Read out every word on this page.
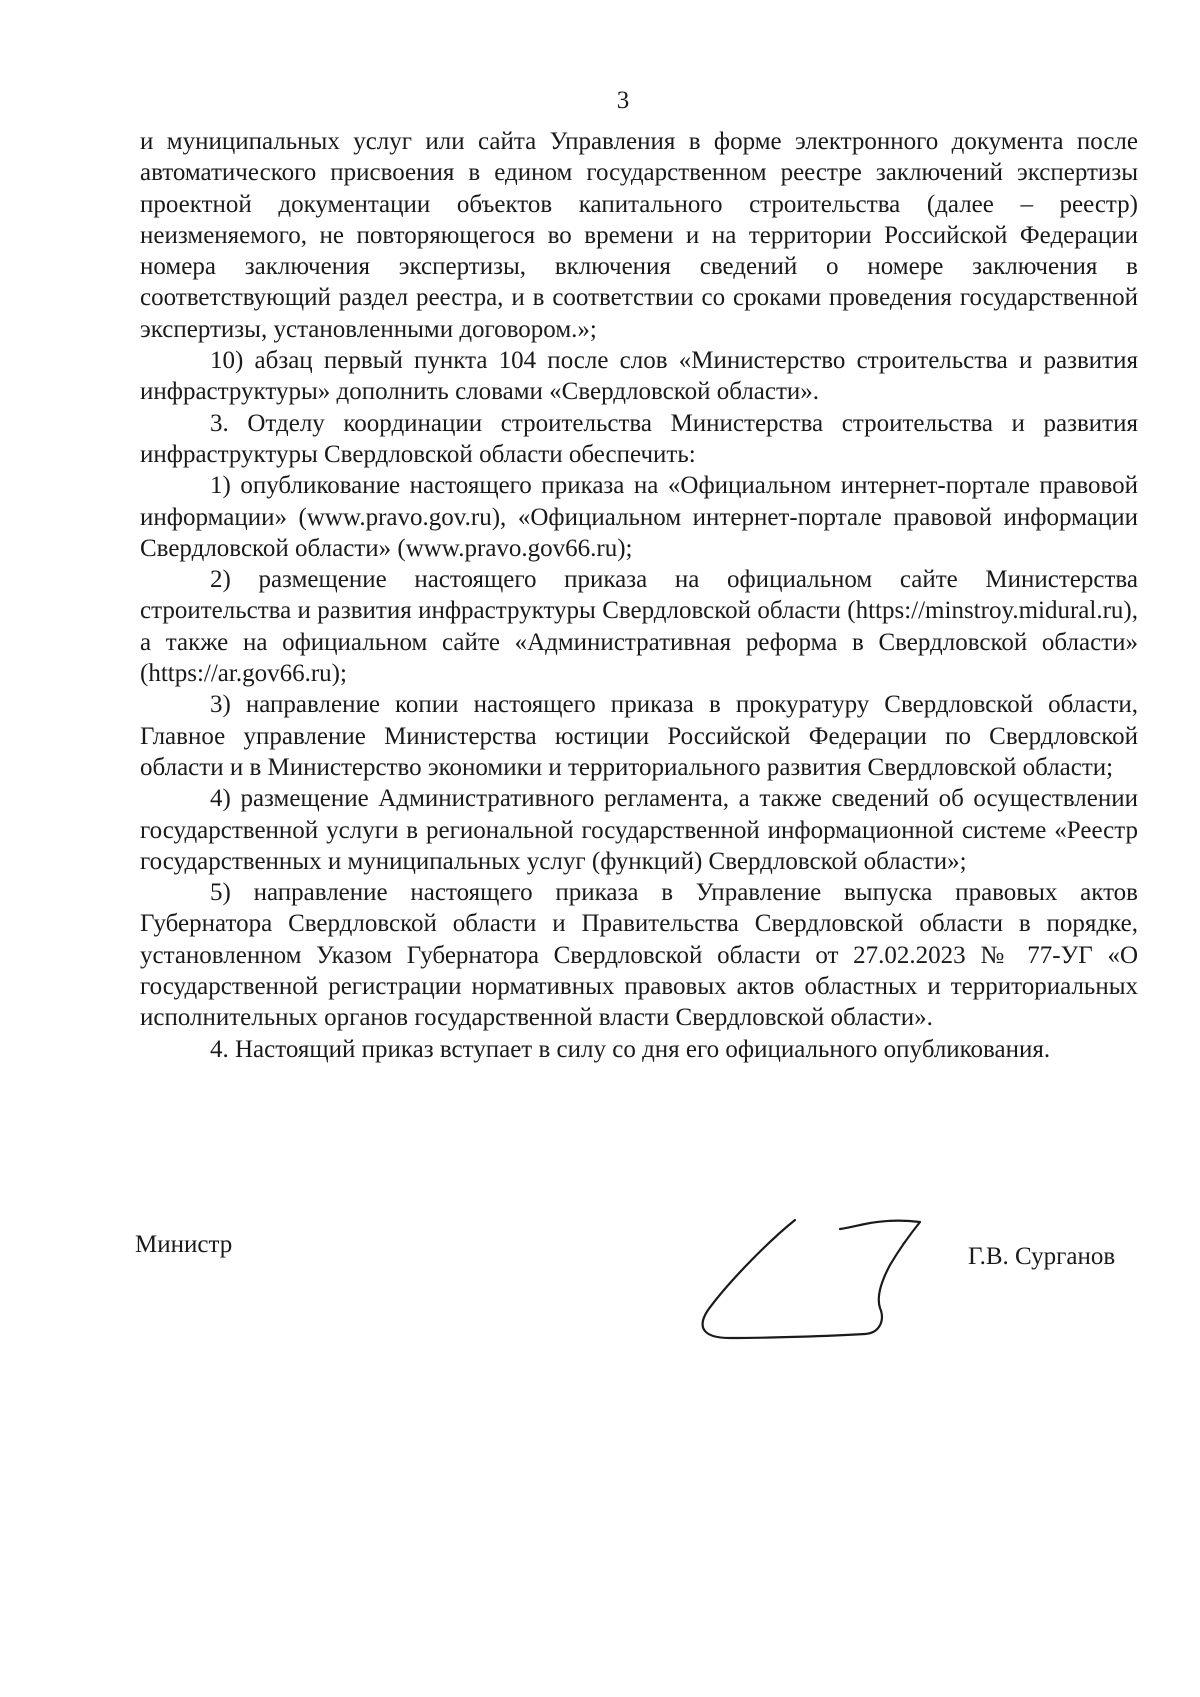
3

и муниципальных услуг или сайта Управления в форме электронного документа после автоматического присвоения в едином государственном реестре заключений экспертизы проектной документации объектов капитального строительства (далее – реестр) неизменяемого, не повторяющегося во времени и на территории Российской Федерации номера заключения экспертизы, включения сведений о номере заключения в соответствующий раздел реестра, и в соответствии со сроками проведения государственной экспертизы, установленными договором.»;

10) абзац первый пункта 104 после слов «Министерство строительства и развития инфраструктуры» дополнить словами «Свердловской области».

3. Отделу координации строительства Министерства строительства и развития инфраструктуры Свердловской области обеспечить:

1) опубликование настоящего приказа на «Официальном интернет-портале правовой информации» (www.pravo.gov.ru), «Официальном интернет-портале правовой информации Свердловской области» (www.pravo.gov66.ru);

2) размещение настоящего приказа на официальном сайте Министерства строительства и развития инфраструктуры Свердловской области (https://minstroy.midural.ru), а также на официальном сайте «Административная реформа в Свердловской области» (https://ar.gov66.ru);

3) направление копии настоящего приказа в прокуратуру Свердловской области, Главное управление Министерства юстиции Российской Федерации по Свердловской области и в Министерство экономики и территориального развития Свердловской области;

4) размещение Административного регламента, а также сведений об осуществлении государственной услуги в региональной государственной информационной системе «Реестр государственных и муниципальных услуг (функций) Свердловской области»;

5) направление настоящего приказа в Управление выпуска правовых актов Губернатора Свердловской области и Правительства Свердловской области в порядке, установленном Указом Губернатора Свердловской области от 27.02.2023 № 77-УГ «О государственной регистрации нормативных правовых актов областных и территориальных исполнительных органов государственной власти Свердловской области».

4. Настоящий приказ вступает в силу со дня его официального опубликования.

Министр	Г.В. Сурганов
